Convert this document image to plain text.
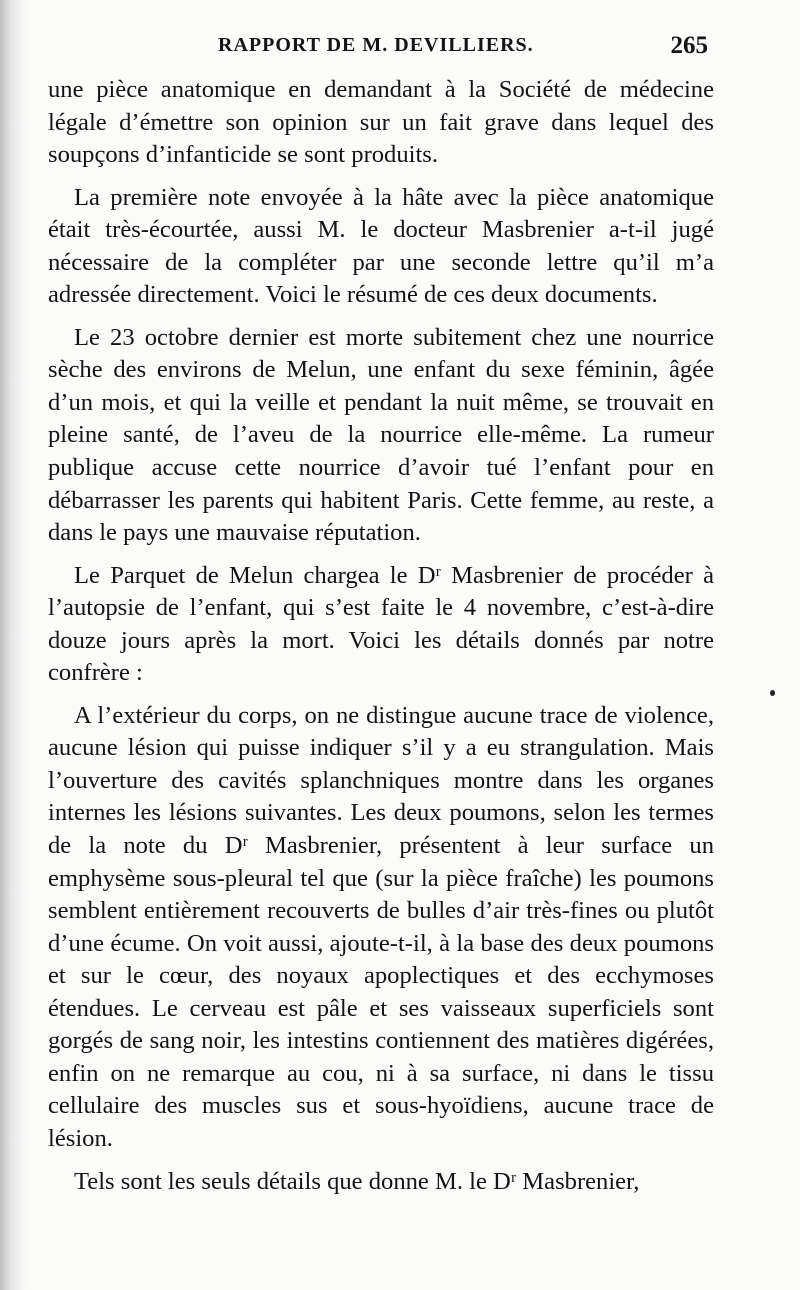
RAPPORT DE M. DEVILLIERS.	265

une pièce anatomique en demandant à la Société de médecine légale d’émettre son opinion sur un fait grave dans lequel des soupçons d’infanticide se sont produits.

La première note envoyée à la hâte avec la pièce anatomique était très-écourtée, aussi M. le docteur Masbrenier a-t-il jugé nécessaire de la compléter par une seconde lettre qu’il m’a adressée directement. Voici le résumé de ces deux documents.

Le 23 octobre dernier est morte subitement chez une nourrice sèche des environs de Melun, une enfant du sexe féminin, âgée d’un mois, et qui la veille et pendant la nuit même, se trouvait en pleine santé, de l’aveu de la nourrice elle-même. La rumeur publique accuse cette nourrice d’avoir tué l’enfant pour en débarrasser les parents qui habitent Paris. Cette femme, au reste, a dans le pays une mauvaise réputation.

Le Parquet de Melun chargea le Dʳ Masbrenier de procéder à l’autopsie de l’enfant, qui s’est faite le 4 novembre, c’est-à-dire douze jours après la mort. Voici les détails donnés par notre confrère :

A l’extérieur du corps, on ne distingue aucune trace de violence, aucune lésion qui puisse indiquer s’il y a eu strangulation. Mais l’ouverture des cavités splanchniques montre dans les organes internes les lésions suivantes. Les deux poumons, selon les termes de la note du Dʳ Masbrenier, présentent à leur surface un emphysème sous-pleural tel que (sur la pièce fraîche) les poumons semblent entièrement recouverts de bulles d’air très-fines ou plutôt d’une écume. On voit aussi, ajoute-t-il, à la base des deux poumons et sur le cœur, des noyaux apoplectiques et des ecchymoses étendues. Le cerveau est pâle et ses vaisseaux superficiels sont gorgés de sang noir, les intestins contiennent des matières digérées, enfin on ne remarque au cou, ni à sa surface, ni dans le tissu cellulaire des muscles sus et sous-hyoïdiens, aucune trace de lésion.

Tels sont les seuls détails que donne M. le Dʳ Masbrenier,
